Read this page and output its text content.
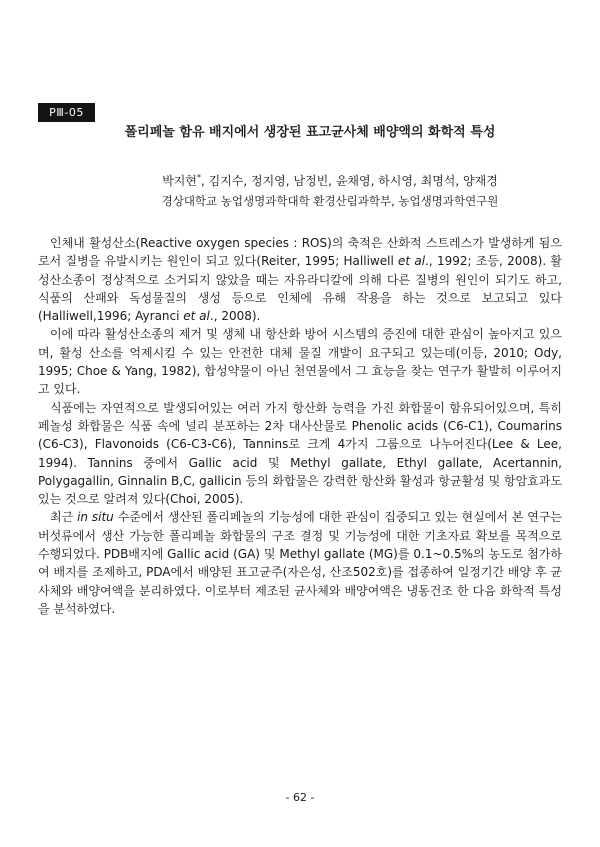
PⅢ-05
폴리페놀 함유 배지에서 생장된 표고균사체 배양액의 화학적 특성
박지현*, 김지수, 정지영, 남정빈, 윤채영, 하시영, 최명석, 양재경
경상대학교 농업생명과학대학 환경산림과학부, 농업생명과학연구원

인체내 활성산소(Reactive oxygen species : ROS)의 축적은 산화적 스트레스가 발생하게 됨으로서 질병을 유발시키는 원인이 되고 있다(Reiter, 1995; Halliwell et al., 1992; 조등, 2008). 활성산소종이 정상적으로 소거되지 않았을 때는 자유라디칼에 의해 다른 질병의 원인이 되기도 하고, 식품의 산패와 독성물질의 생성 등으로 인체에 유해 작용을 하는 것으로 보고되고 있다(Halliwell,1996; Ayranci et al., 2008).

이에 따라 활성산소종의 제거 및 생체 내 항산화 방어 시스템의 증진에 대한 관심이 높아지고 있으며, 활성 산소를 억제시킬 수 있는 안전한 대체 물질 개발이 요구되고 있는데(이등, 2010; Ody, 1995; Choe & Yang, 1982), 합성약물이 아닌 천연물에서 그 효능을 찾는 연구가 활발히 이루어지고 있다.

식품에는 자연적으로 발생되어있는 여러 가지 항산화 능력을 가진 화합물이 함유되어있으며, 특히 페놀성 화합물은 식품 속에 널리 분포하는 2차 대사산물로 Phenolic acids (C6-C1), Coumarins (C6-C3), Flavonoids (C6-C3-C6), Tannins로 크게 4가지 그룹으로 나누어진다(Lee & Lee, 1994). Tannins 중에서 Gallic acid 및 Methyl gallate, Ethyl gallate, Acertannin, Polygagallin, Ginnalin B,C, gallicin 등의 화합물은 강력한 항산화 활성과 항균활성 및 항암효과도 있는 것으로 알려져 있다(Choi, 2005).

최근 in situ 수준에서 생산된 폴리페놀의 기능성에 대한 관심이 집중되고 있는 현실에서 본 연구는 버섯류에서 생산 가능한 폴리페놀 화합물의 구조 결정 및 기능성에 대한 기초자료 확보를 목적으로 수행되었다. PDB배지에 Gallic acid (GA) 및 Methyl gallate (MG)를 0.1~0.5%의 농도로 첨가하여 배지를 조제하고, PDA에서 배양된 표고균주(자은성, 산조502호)를 접종하여 일정기간 배양 후 균사체와 배양여액을 분리하였다. 이로부터 제조된 균사체와 배양여액은 냉동건조 한 다음 화학적 특성을 분석하였다.

- 62 -
